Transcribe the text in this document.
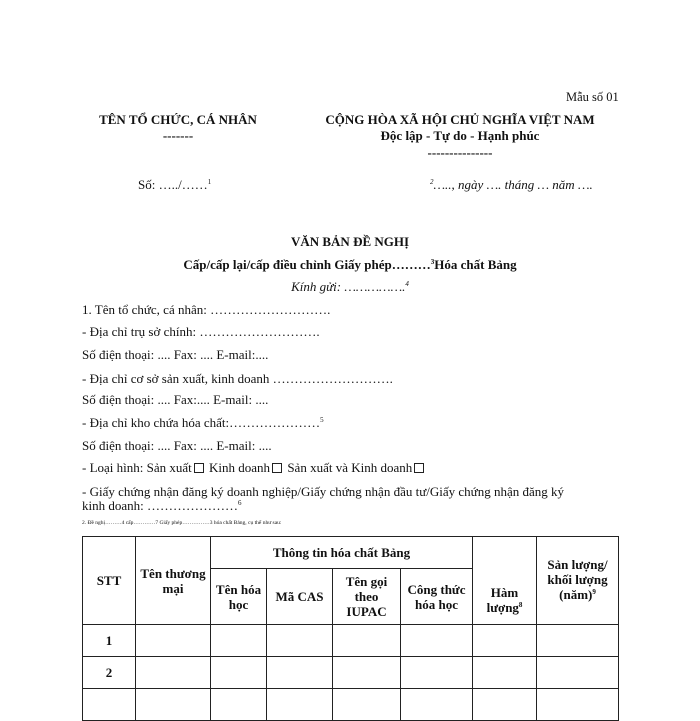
Mẫu số 01
TÊN TỔ CHỨC, CÁ NHÂN
-------
CỘNG HÒA XÃ HỘI CHỦ NGHĨA VIỆT NAM
Độc lập - Tự do - Hạnh phúc
---------------
Số: …../……$^1$	$^2$….., ngày …. tháng … năm ….
VĂN BẢN ĐỀ NGHỊ
Cấp/cấp lại/cấp điều chỉnh Giấy phép………$^3$Hóa chất Bảng
Kính gửi: …………….$^4$
1. Tên tổ chức, cá nhân: ……………………….
- Địa chỉ trụ sở chính: ……………………….
Số điện thoại: .... Fax: .... E-mail:....
- Địa chỉ cơ sở sản xuất, kinh doanh ……………………….
Số điện thoại: .... Fax:.... E-mail: ....
- Địa chỉ kho chứa hóa chất:…………………$^5$
Số điện thoại: .... Fax: .... E-mail: ....
- Loại hình: Sản xuất Kinh doanh Sản xuất và Kinh doanh
- Giấy chứng nhận đăng ký doanh nghiệp/Giấy chứng nhận đầu tư/Giấy chứng nhận đăng ký
kinh doanh: …………………$^6$
2. Đề nghị………4 cấp…………7 Giấy phép……………3 hóa chất Bảng, cụ thể như sau:
STT	Tên thương mại	Thông tin hóa chất Bảng				Hàm lượng$^8$	Sản lượng/ khối lượng (năm)$^9$
		Tên hóa học	Mã CAS	Tên gọi theo IUPAC	Công thức hóa học		
1							
2							
